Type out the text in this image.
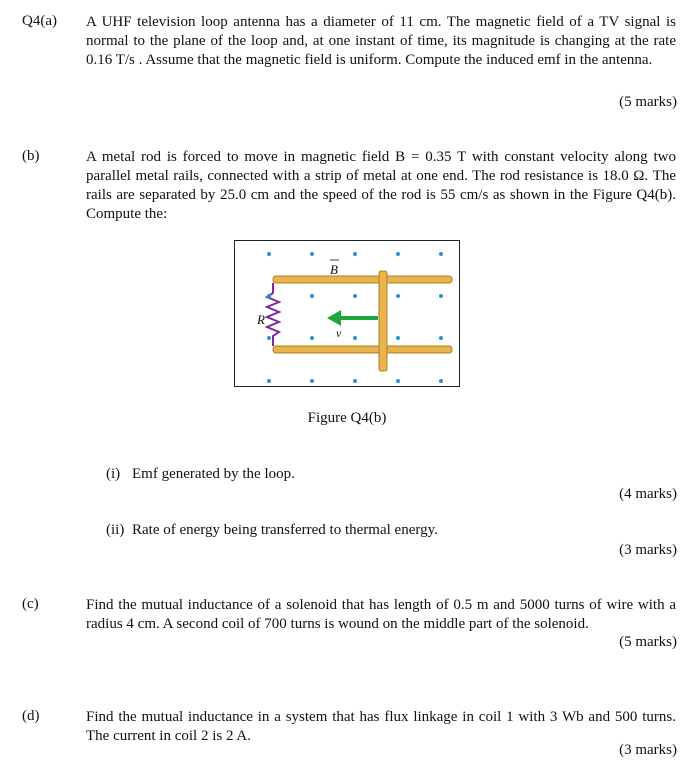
Q4(a) A UHF television loop antenna has a diameter of 11 cm. The magnetic field of a TV signal is normal to the plane of the loop and, at one instant of time, its magnitude is changing at the rate 0.16 T/s . Assume that the magnetic field is uniform. Compute the induced emf in the antenna.
(5 marks)
(b)	A metal rod is forced to move in magnetic field B = 0.35 T with constant velocity along two parallel metal rails, connected with a strip of metal at one end. The rod resistance is 18.0 Ω. The rails are separated by 25.0 cm and the speed of the rod is 55 cm/s as shown in the Figure Q4(b). Compute the:
B
R
v
Figure Q4(b)
(i) Emf generated by the loop.
(4 marks)
(ii) Rate of energy being transferred to thermal energy.
(3 marks)
(c)	Find the mutual inductance of a solenoid that has length of 0.5 m and 5000 turns of wire with a radius 4 cm. A second coil of 700 turns is wound on the middle part of the solenoid.
(5 marks)
(d)	Find the mutual inductance in a system that has flux linkage in coil 1 with 3 Wb and 500 turns. The current in coil 2 is 2 A.
(3 marks)
